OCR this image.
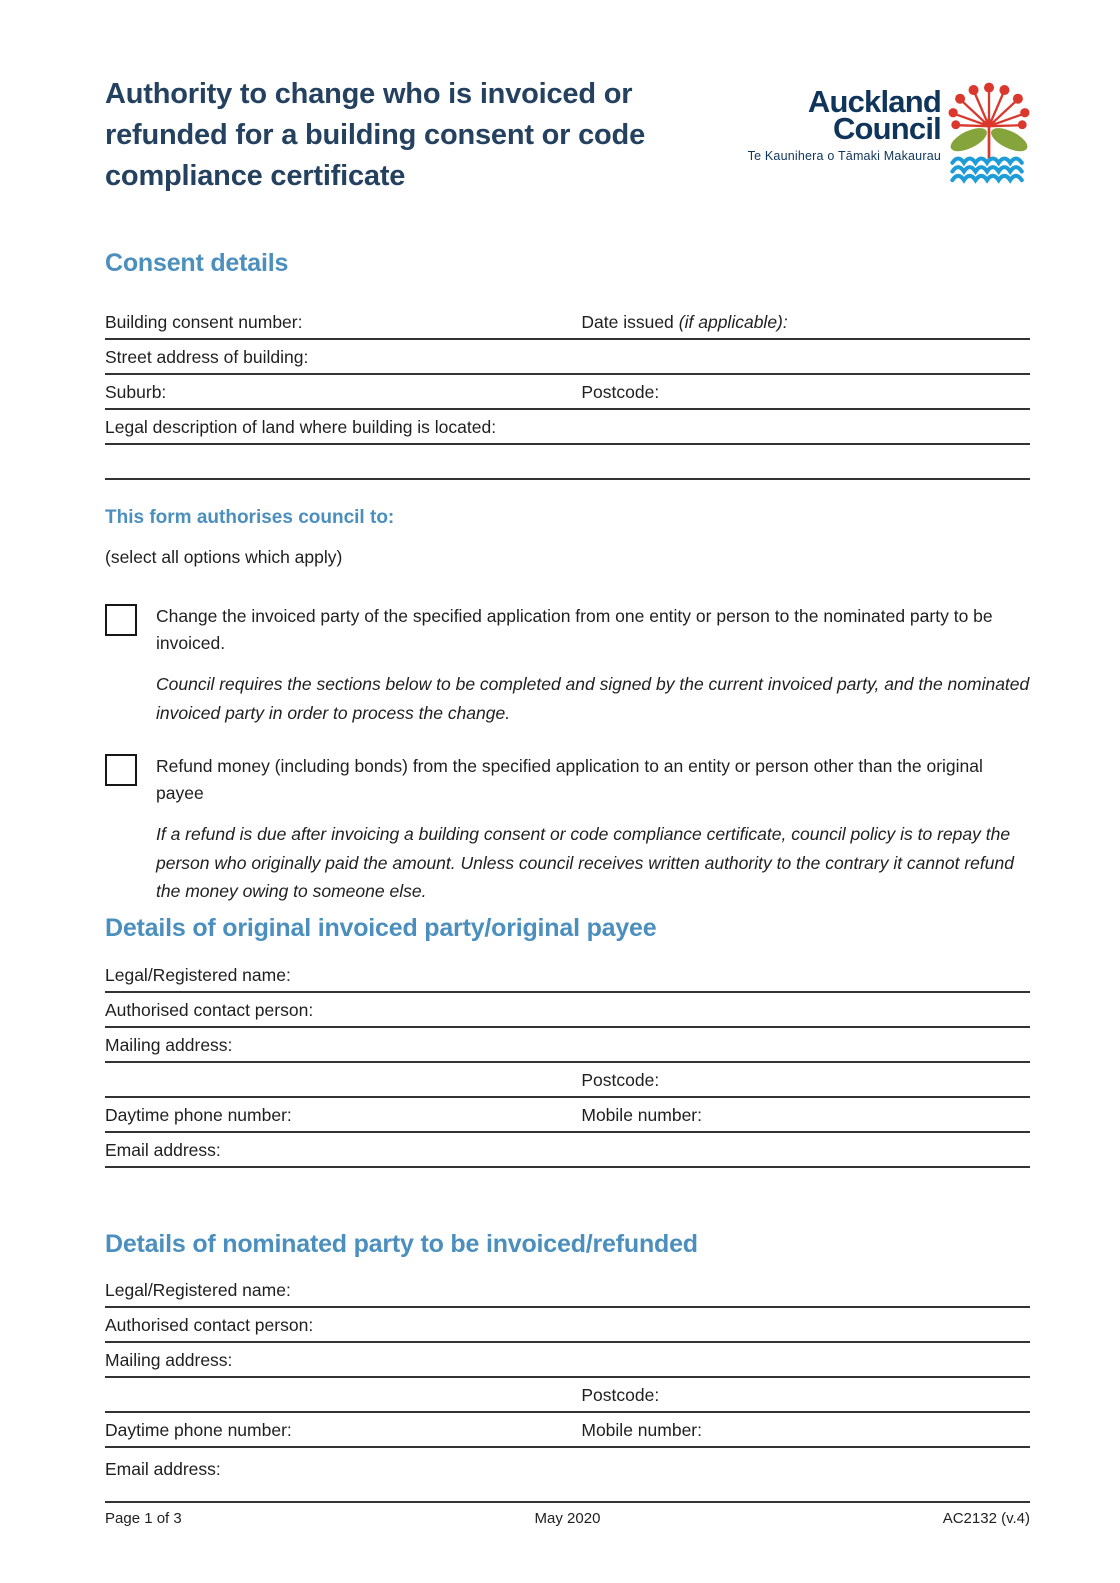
Authority to change who is invoiced or refunded for a building consent or code compliance certificate
Auckland
Council
Te Kaunihera o Tāmaki Makaurau
Consent details
Building consent number:	Date issued (if applicable):
Street address of building:
Suburb:	Postcode:
Legal description of land where building is located:
This form authorises council to:
(select all options which apply)
Change the invoiced party of the specified application from one entity or person to the nominated party to be invoiced.
Council requires the sections below to be completed and signed by the current invoiced party, and the nominated invoiced party in order to process the change.
Refund money (including bonds) from the specified application to an entity or person other than the original payee
If a refund is due after invoicing a building consent or code compliance certificate, council policy is to repay the person who originally paid the amount. Unless council receives written authority to the contrary it cannot refund the money owing to someone else.
Details of original invoiced party/original payee
Legal/Registered name:
Authorised contact person:
Mailing address:
Postcode:
Daytime phone number:	Mobile number:
Email address:
Details of nominated party to be invoiced/refunded
Legal/Registered name:
Authorised contact person:
Mailing address:
Postcode:
Daytime phone number:	Mobile number:
Email address:
Page 1 of 3	May 2020	AC2132 (v.4)
